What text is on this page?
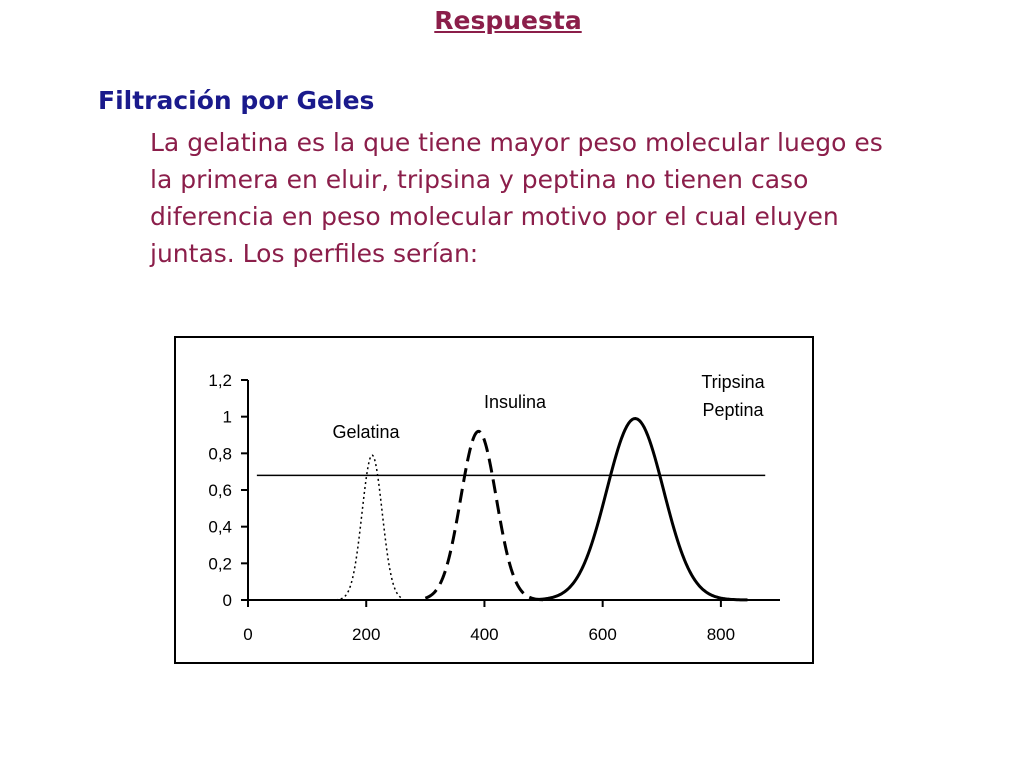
Respuesta
Filtración por Geles

La gelatina es la que tiene mayor peso molecular luego es
la primera en eluir, tripsina y peptina no tienen caso
diferencia en peso molecular motivo por el cual eluyen
juntas. Los perfiles serían:

0
0,2
0,4
0,6
0,8
1
1,2
0	200	400	600	800
Gelatina
Insulina
Tripsina
Peptina
